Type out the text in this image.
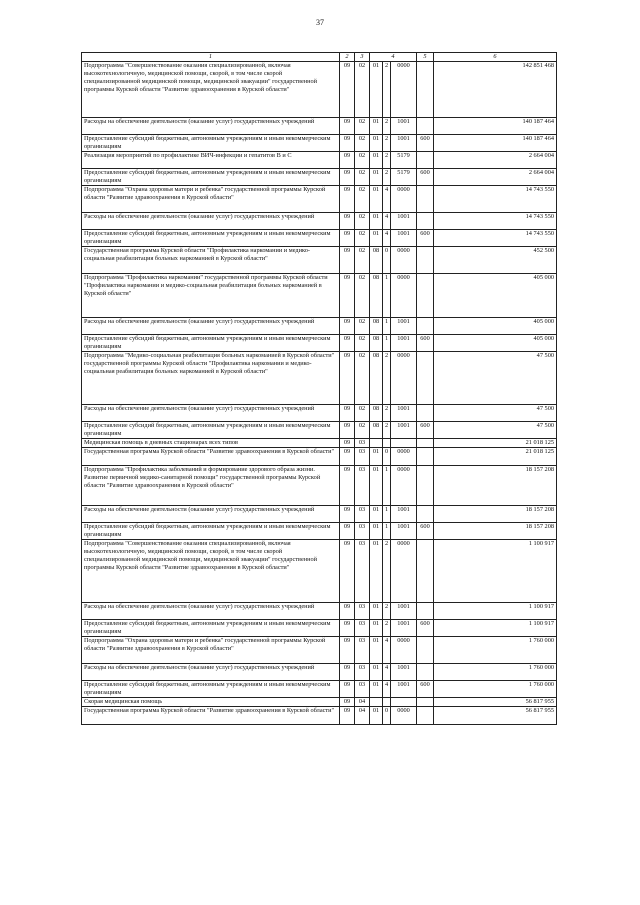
37
1	2	3	4			5	6
Подпрограмма "Совершенствование оказания специализированной, включая высокотехнологичную, медицинской помощи, скорой, в том числе скорой специализированной медицинской помощи, медицинской эвакуации" государственной программы Курской области "Развитие здравоохранения в Курской области"	09	02	01	2	0000		142 851 468
Расходы на обеспечение деятельности (оказание услуг) государственных учреждений	09	02	01	2	1001		140 187 464
Предоставление субсидий бюджетным, автономным учреждениям и иным некоммерческим организациям	09	02	01	2	1001	600	140 187 464
Реализация мероприятий по профилактике ВИЧ-инфекции и гепатитов В и С	09	02	01	2	5179		2 664 004
Предоставление субсидий бюджетным, автономным учреждениям и иным некоммерческим организациям	09	02	01	2	5179	600	2 664 004
Подпрограмма "Охрана здоровья матери и ребенка" государственной программы Курской области "Развитие здравоохранения в Курской области"	09	02	01	4	0000		14 743 550
Расходы на обеспечение деятельности (оказание услуг) государственных учреждений	09	02	01	4	1001		14 743 550
Предоставление субсидий бюджетным, автономным учреждениям и иным некоммерческим организациям	09	02	01	4	1001	600	14 743 550
Государственная программа Курской области "Профилактика наркомании и медико-социальная реабилитация больных наркоманией в Курской области"	09	02	08	0	0000		452 500
Подпрограмма "Профилактика наркомании" государственной программы Курской области "Профилактика наркомании и медико-социальная реабилитация больных наркоманией в Курской области"	09	02	08	1	0000		405 000
Расходы на обеспечение деятельности (оказание услуг) государственных учреждений	09	02	08	1	1001		405 000
Предоставление субсидий бюджетным, автономным учреждениям и иным некоммерческим организациям	09	02	08	1	1001	600	405 000
Подпрограмма "Медико-социальная реабилитация больных наркоманией в Курской области" государственной программы Курской области "Профилактика наркомании и медико-социальная реабилитация больных наркоманией в Курской области"	09	02	08	2	0000		47 500
Расходы на обеспечение деятельности (оказание услуг) государственных учреждений	09	02	08	2	1001		47 500
Предоставление субсидий бюджетным, автономным учреждениям и иным некоммерческим организациям	09	02	08	2	1001	600	47 500
Медицинская помощь в дневных стационарах всех типов	09	03					21 018 125
Государственная программа Курской области "Развитие здравоохранения в Курской области"	09	03	01	0	0000		21 018 125
Подпрограмма "Профилактика заболеваний и формирование здорового образа жизни. Развитие первичной медико-санитарной помощи" государственной программы Курской области "Развитие здравоохранения в Курской области"	09	03	01	1	0000		18 157 208
Расходы на обеспечение деятельности (оказание услуг) государственных учреждений	09	03	01	1	1001		18 157 208
Предоставление субсидий бюджетным, автономным учреждениям и иным некоммерческим организациям	09	03	01	1	1001	600	18 157 208
Подпрограмма "Совершенствование оказания специализированной, включая высокотехнологичную, медицинской помощи, скорой, в том числе скорой специализированной медицинской помощи, медицинской эвакуации" государственной программы Курской области "Развитие здравоохранения в Курской области"	09	03	01	2	0000		1 100 917
Расходы на обеспечение деятельности (оказание услуг) государственных учреждений	09	03	01	2	1001		1 100 917
Предоставление субсидий бюджетным, автономным учреждениям и иным некоммерческим организациям	09	03	01	2	1001	600	1 100 917
Подпрограмма "Охрана здоровья матери и ребенка" государственной программы Курской области "Развитие здравоохранения в Курской области"	09	03	01	4	0000		1 760 000
Расходы на обеспечение деятельности (оказание услуг) государственных учреждений	09	03	01	4	1001		1 760 000
Предоставление субсидий бюджетным, автономным учреждениям и иным некоммерческим организациям	09	03	01	4	1001	600	1 760 000
Скорая медицинская помощь	09	04					56 817 955
Государственная программа Курской области "Развитие здравоохранения в Курской области"	09	04	01	0	0000		56 817 955
